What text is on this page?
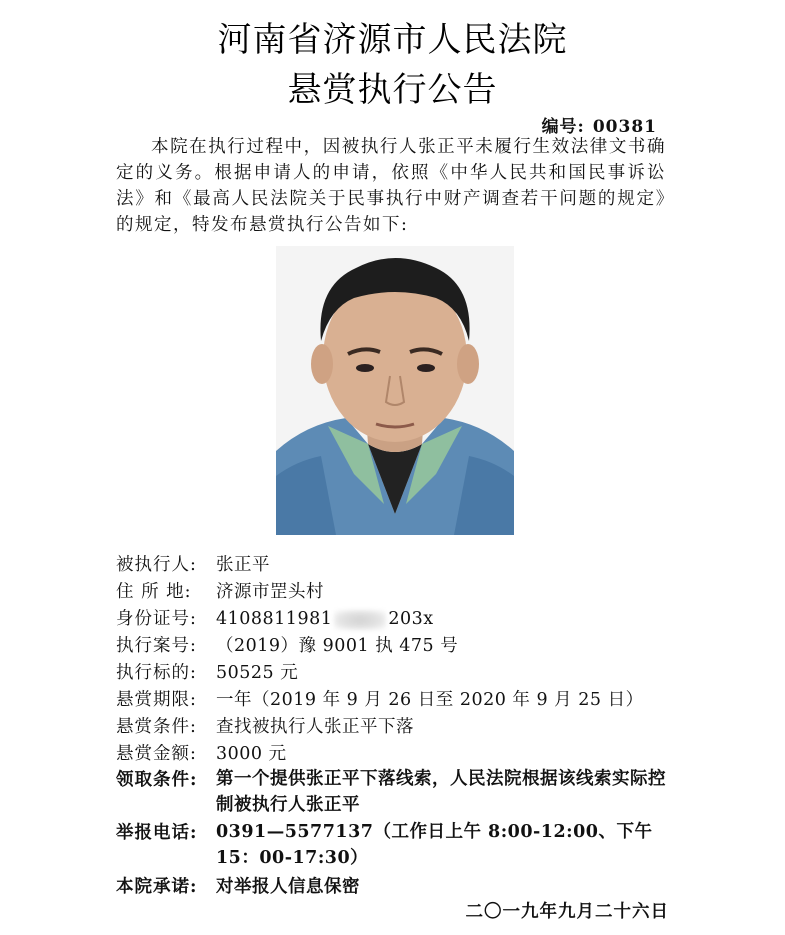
河南省济源市人民法院
悬赏执行公告
编号: 00381
本院在执行过程中，因被执行人张正平未履行生效法律文书确定的义务。根据申请人的申请，依照《中华人民共和国民事诉讼法》和《最高人民法院关于民事执行中财产调查若干问题的规定》的规定，特发布悬赏执行公告如下:
被执行人: 张正平
住 所 地: 济源市罡头村
身份证号: 4108811981	203x
执行案号: （2019）豫 9001 执 475 号
执行标的: 50525 元
悬赏期限: 一年（2019 年 9 月 26 日至 2020 年 9 月 25 日）
悬赏条件: 查找被执行人张正平下落
悬赏金额: 3000 元
领取条件: 第一个提供张正平下落线索，人民法院根据该线索实际控制被执行人张正平
举报电话: 0391—5577137（工作日上午 8:00-12:00、下午 15：00-17:30）
本院承诺: 对举报人信息保密
二〇一九年九月二十六日
